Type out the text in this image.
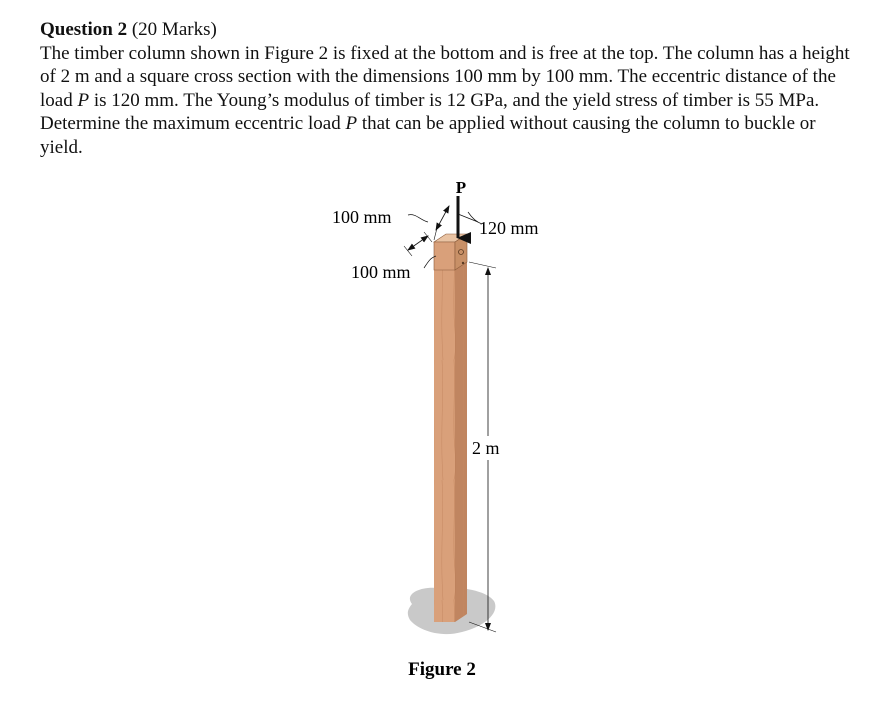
Question 2 (20 Marks)
The timber column shown in Figure 2 is fixed at the bottom and is free at the top. The column has a height of 2 m and a square cross section with the dimensions 100 mm by 100 mm. The eccentric distance of the load P is 120 mm. The Young’s modulus of timber is 12 GPa, and the yield stress of timber is 55 MPa. Determine the maximum eccentric load P that can be applied without causing the column to buckle or yield.
P
100 mm
120 mm
100 mm
2 m
Figure 2
